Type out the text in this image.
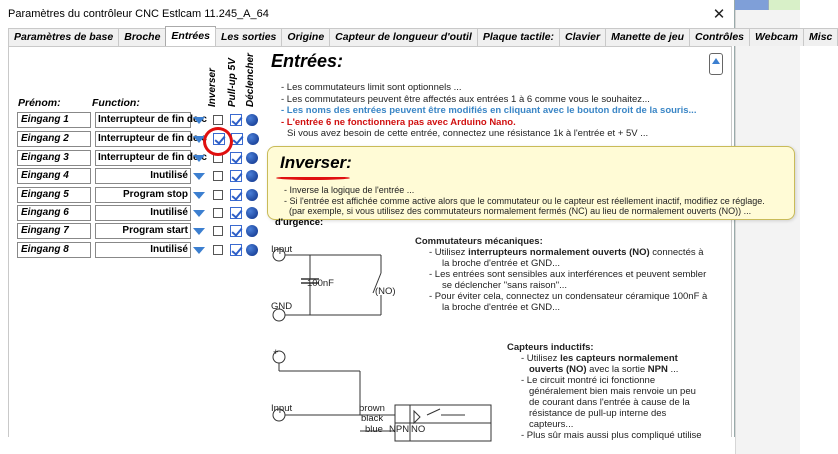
Paramètres du contrôleur CNC Estlcam 11.245_A_64	✕
Paramètres de base	Broche	Entrées	Les sorties	Origine	Capteur de longueur d'outil	Plaque tactile:	Clavier	Manette de jeu	Contrôles	Webcam	Misc
Prénom:	Function:	Inverser Pull-up 5V Déclencher
Eingang 1	Interrupteur de fin de c
Eingang 2	Interrupteur de fin de c
Eingang 3	Interrupteur de fin de c
Eingang 4	Inutilisé
Eingang 5	Program stop
Eingang 6	Inutilisé
Eingang 7	Program start
Eingang 8	Inutilisé
Entrées:
- Les commutateurs limit sont optionnels ...
- Les commutateurs peuvent être affectés aux entrées 1 à 6 comme vous le souhaitez...
- Les noms des entrées peuvent être modifiés en cliquant avec le bouton droit de la souris...
- L'entrée 6 ne fonctionnera pas avec Arduino Nano.
Si vous avez besoin de cette entrée, connectez une résistance 1k à l'entrée et + 5V ...
Inverser:
- Inverse la logique de l'entrée ...
- Si l'entrée est affichée comme active alors que le commutateur ou le capteur est réellement inactif, modifiez ce réglage.
(par exemple, si vous utilisez des commutateurs normalement fermés (NC) au lieu de normalement ouverts (NO)) ...
d'urgence:
Input
100nF
(NO)
GND
Commutateurs mécaniques:
- Utilisez interrupteurs normalement ouverts (NO) connectés à
la broche d'entrée et GND...
- Les entrées sont sensibles aux interférences et peuvent sembler
se déclencher "sans raison"...
- Pour éviter cela, connectez un condensateur céramique 100nF à
la broche d'entrée et GND...
+
Input	brown
black
blue NPN NO
Capteurs inductifs:
- Utilisez les capteurs normalement
ouverts (NO) avec la sortie NPN ...
- Le circuit montré ici fonctionne
généralement bien mais renvoie un peu
de courant dans l'entrée à cause de la
résistance de pull-up interne des
capteurs...
- Plus sûr mais aussi plus compliqué utilise
